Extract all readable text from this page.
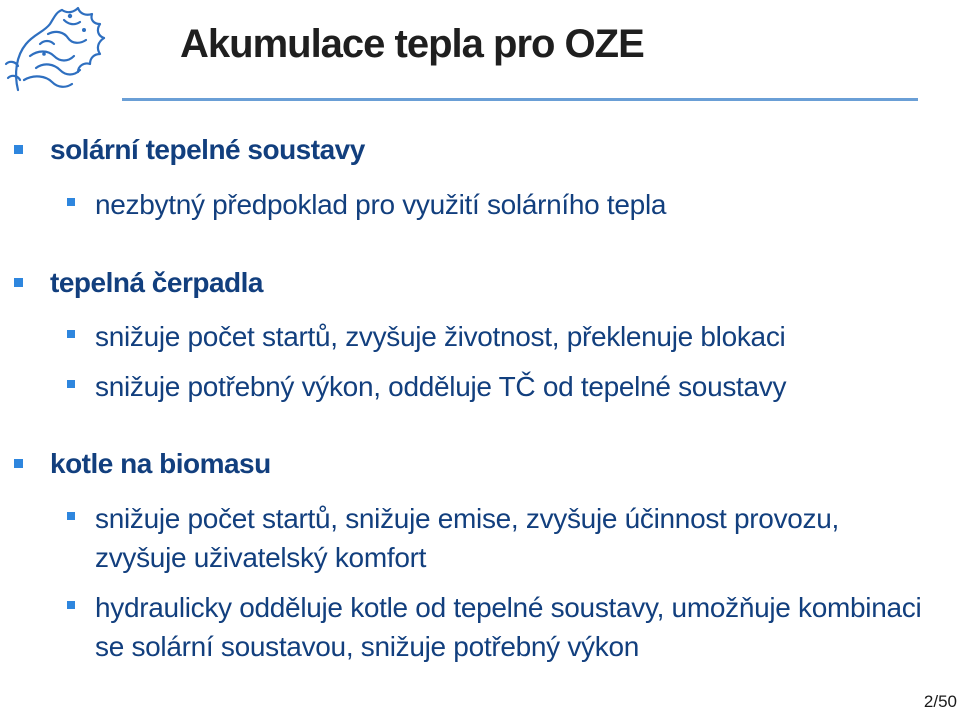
Akumulace tepla pro OZE
solární tepelné soustavy
nezbytný předpoklad pro využití solárního tepla
tepelná čerpadla
snižuje počet startů, zvyšuje životnost, překlenuje blokaci
snižuje potřebný výkon, odděluje TČ od tepelné soustavy
kotle na biomasu
snižuje počet startů, snižuje emise, zvyšuje účinnost provozu, zvyšuje uživatelský komfort
hydraulicky odděluje kotle od tepelné soustavy, umožňuje kombinaci se solární soustavou, snižuje potřebný výkon
2/50
